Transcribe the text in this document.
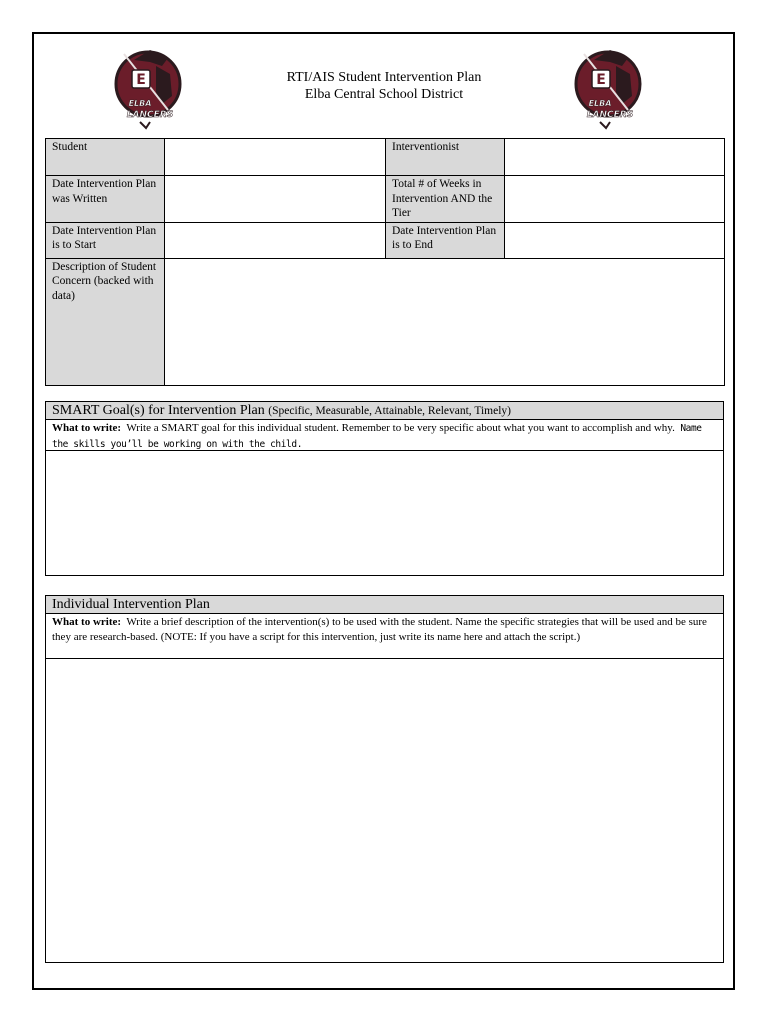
E
ELBA
LANCERS
E
ELBA
LANCERS
RTI/AIS Student Intervention Plan
Elba Central School District
Student		Interventionist	
Date Intervention Plan was Written		Total # of Weeks in Intervention AND the Tier	
Date Intervention Plan is to Start		Date Intervention Plan is to End	
Description of Student Concern (backed with data)			
SMART Goal(s) for Intervention Plan (Specific, Measurable, Attainable, Relevant, Timely)
What to write: Write a SMART goal for this individual student. Remember to be very specific about what you want to accomplish and why. Name the skills you’ll be working on with the child.
Individual Intervention Plan
What to write: Write a brief description of the intervention(s) to be used with the student. Name the specific strategies that will be used and be sure they are research-based. (NOTE: If you have a script for this intervention, just write its name here and attach the script.)
